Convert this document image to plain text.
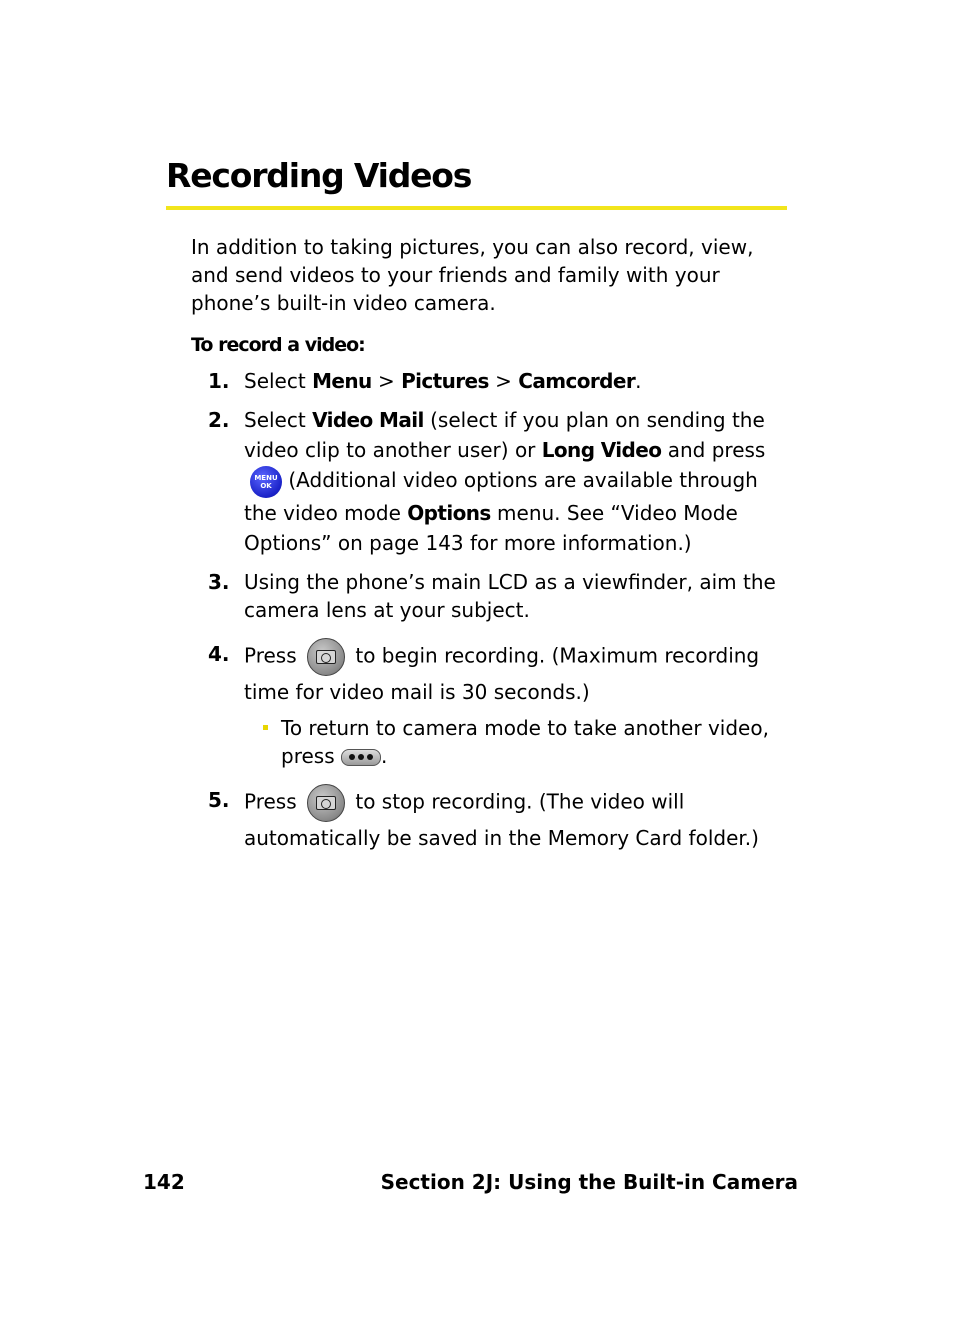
Recording Videos

In addition to taking pictures, you can also record, view, and send videos to your friends and family with your phone’s built-in video camera.

To record a video:

1. Select Menu > Pictures > Camcorder.
2. Select Video Mail (select if you plan on sending the video clip to another user) or Long Video and press MENU
OK (Additional video options are available through the video mode Options menu. See “Video Mode Options” on page 143 for more information.)
3. Using the phone’s main LCD as a viewfinder, aim the camera lens at your subject.
4. Press	to begin recording. (Maximum recording time for video mail is 30 seconds.)
To return to camera mode to take another video, press .
5. Press	to stop recording. (The video will automatically be saved in the Memory Card folder.)
142	Section 2J: Using the Built-in Camera
